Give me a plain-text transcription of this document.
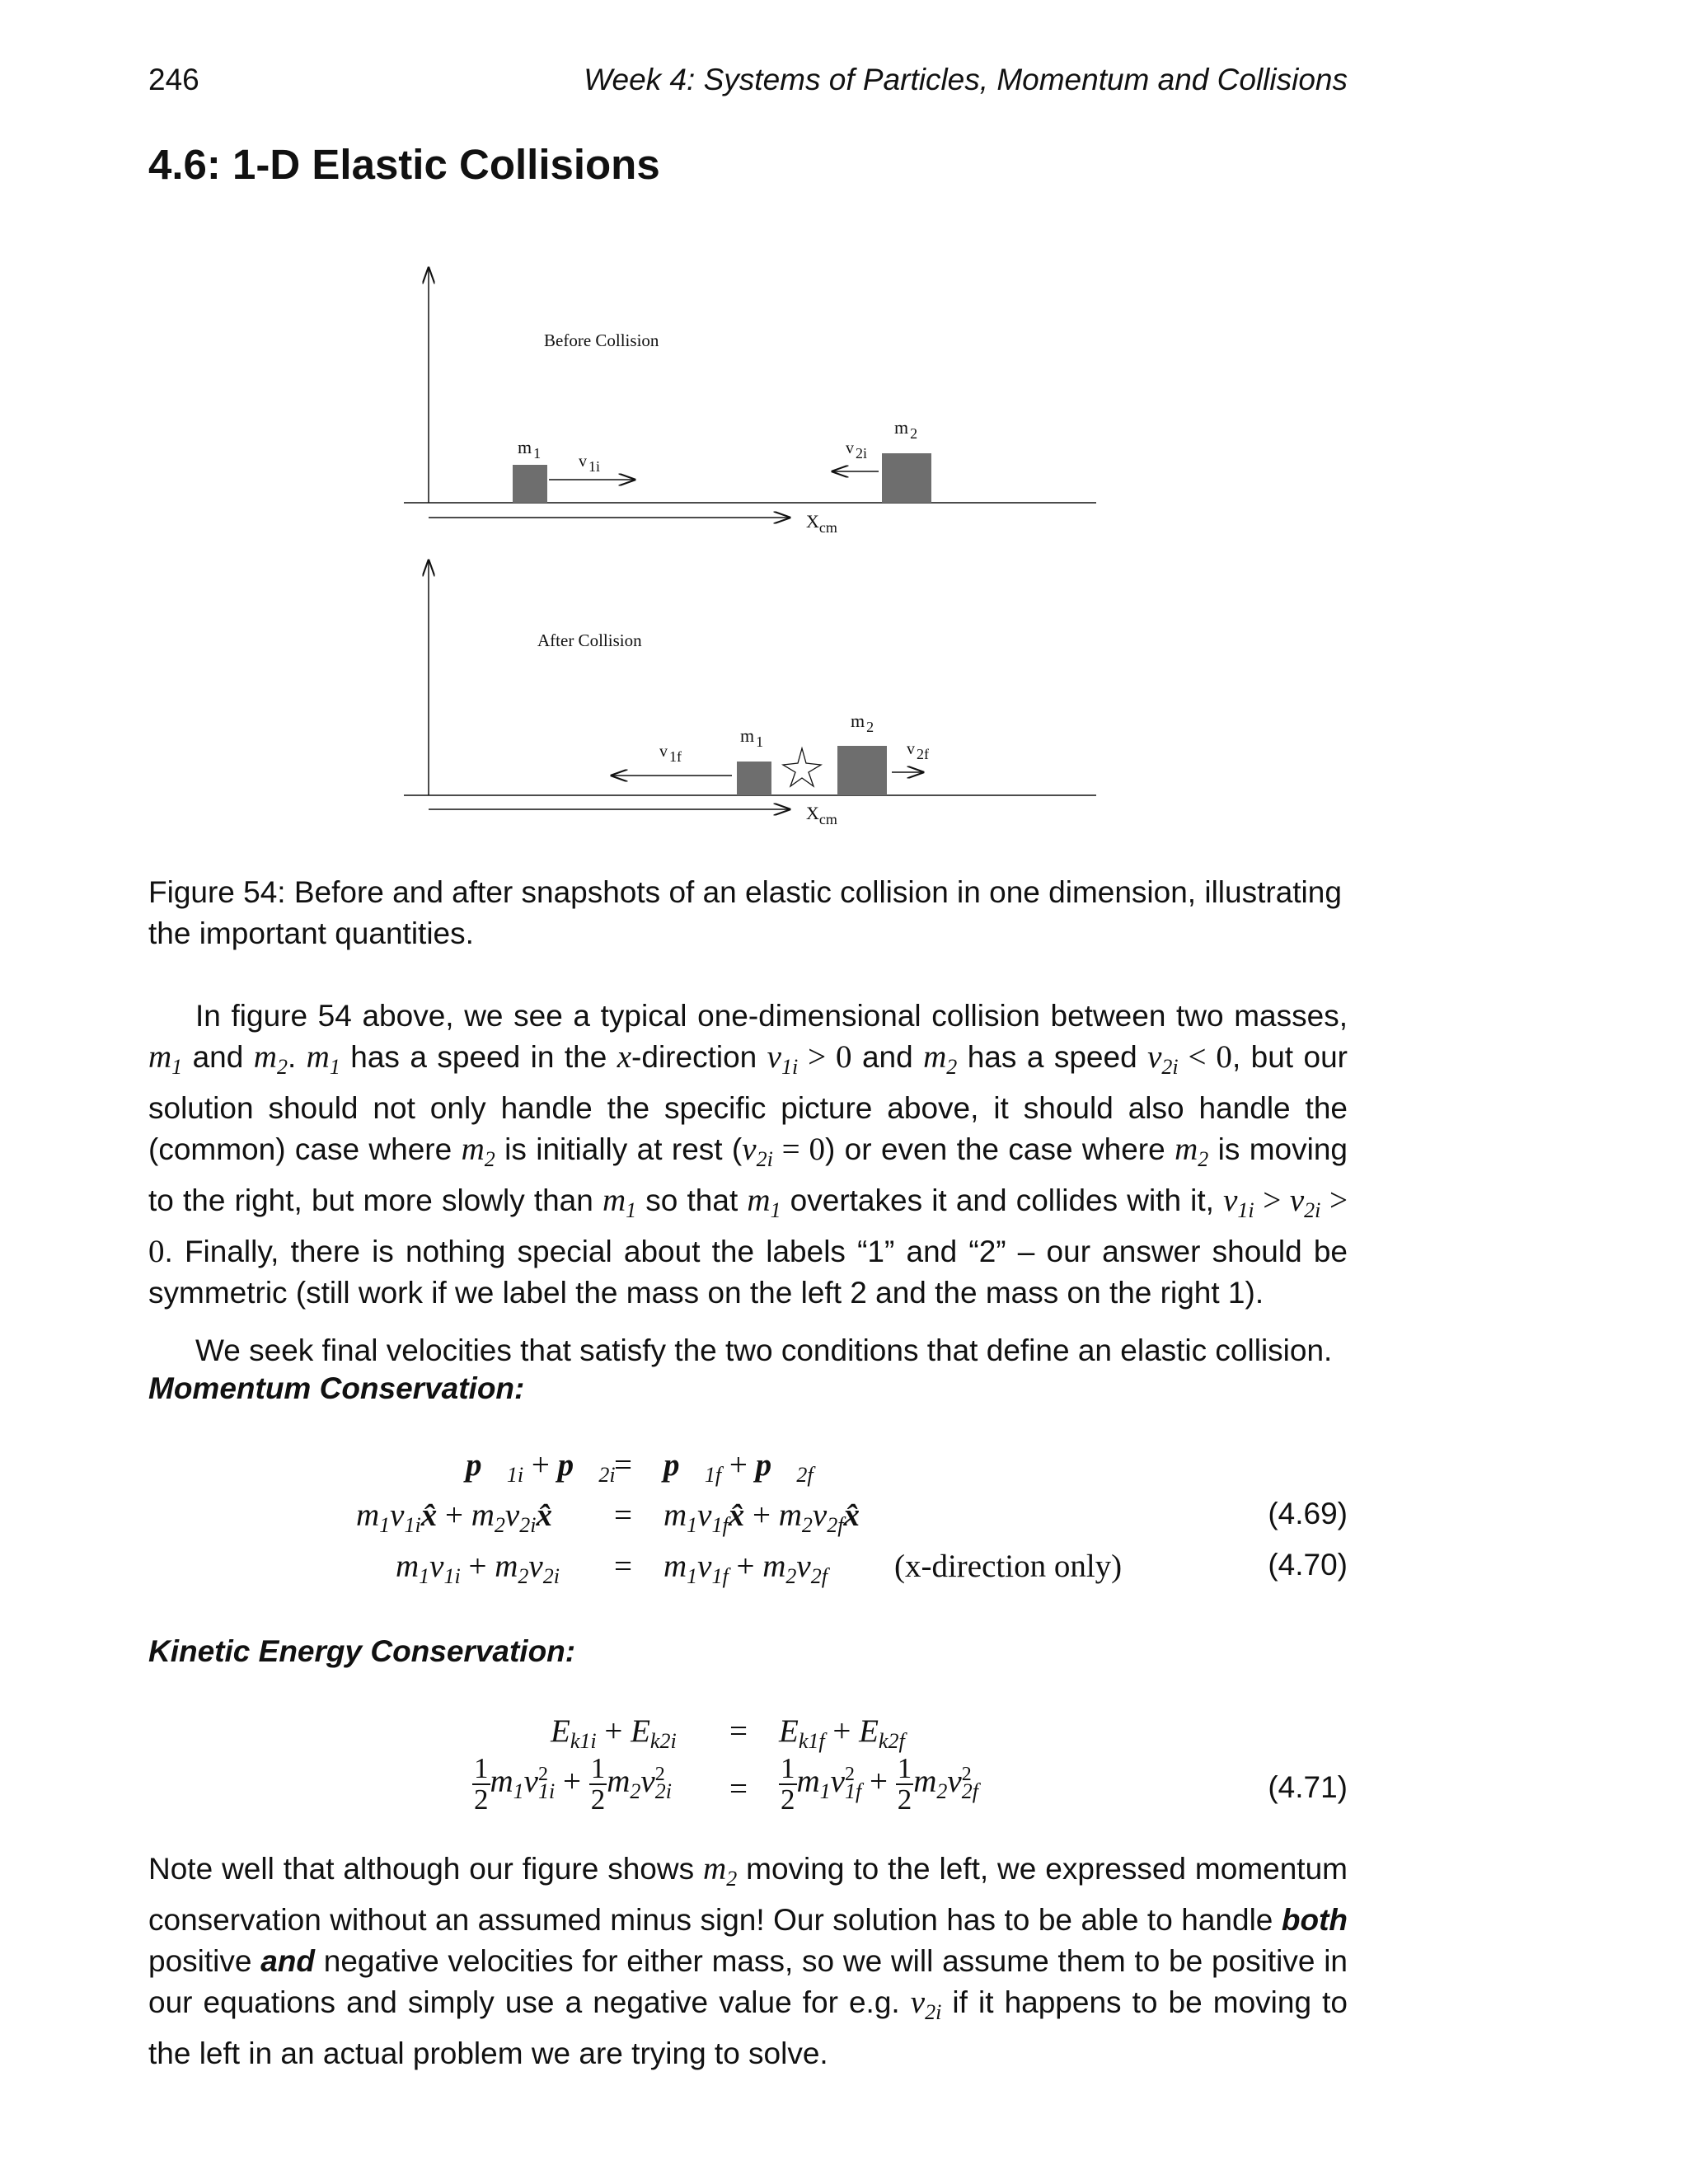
246	Week 4: Systems of Particles, Momentum and Collisions
4.6: 1-D Elastic Collisions
Before Collision
m $_1$ v 1i
m $_2$
v 2i
$X_{cm}$
After Collision
v 1f
m $_1$
m $_2$
v 2f
$X_{cm}$
Figure 54: Before and after snapshots of an elastic collision in one dimension, illustrating the important quantities.
In figure 54 above, we see a typical one-dimensional collision between two masses, $m_1$ and $m_2$. $m_1$ has a speed in the x-direction $v_{1i} > 0$ and $m_2$ has a speed $v_{2i} < 0$, but our solution should not only handle the specific picture above, it should also handle the (common) case where $m_2$ is initially at rest $(v_{2i} = 0)$ or even the case where $m_2$ is moving to the right, but more slowly than $m_1$ so that $m_1$ overtakes it and collides with it, $v_{1i} > v_{2i} > 0$. Finally, there is nothing special about the labels “1” and “2” – our answer should be symmetric (still work if we label the mass on the left 2 and the mass on the right 1).
We seek final velocities that satisfy the two conditions that define an elastic collision.
Momentum Conservation:
$p⃗_{1i}$ + $p⃗_{2i}$
= $p⃗_{1f}$ + $p⃗_{2f}$
$m_1v_{1i}x̂$ + $m_2v_{2i}x̂$ = $m_1v_{1f}x̂$ + $m_2v_{2f}x̂$	(4.69)
$m_1v_{1i} + m_2v_{2i} = m_1v_{1f} + m_2v_{2f}$ (x-direction only)	(4.70)
Kinetic Energy Conservation:
$E_{k1i} + E_{k2i} = E_{k1f} + E_{k2f}$
$\frac{1}{2} m_1v^2_{1i} + \frac{1}{2} m_2v^2_{2i} = \frac{1}{2} m_1v^2_{1f} + \frac{1}{2} m_2v^2_{2f}$	(4.71)
Note well that although our figure shows $m_2$ moving to the left, we expressed momentum conservation without an assumed minus sign! Our solution has to be able to handle both positive and negative velocities for either mass, so we will assume them to be positive in our equations and simply use a negative value for e.g. $v_{2i}$ if it happens to be moving to the left in an actual problem we are trying to solve.
